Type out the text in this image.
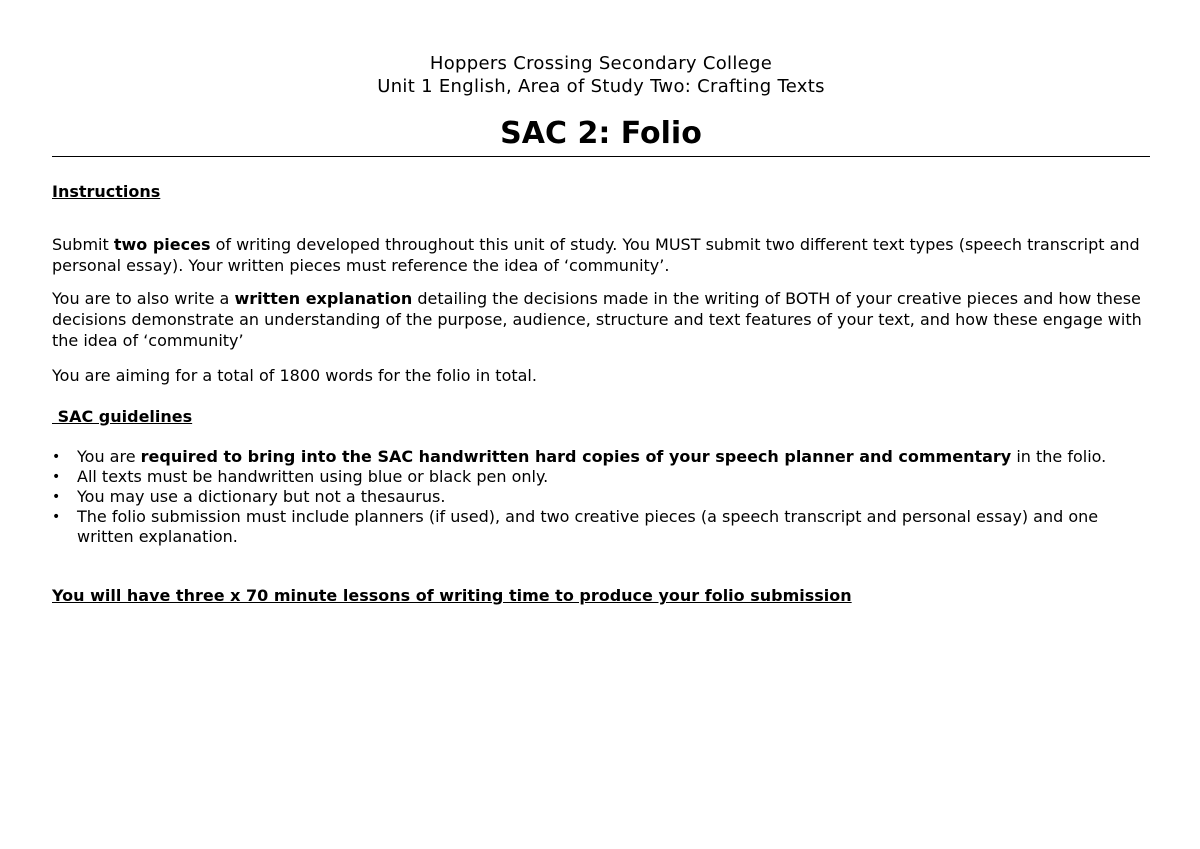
Hoppers Crossing Secondary College
Unit 1 English, Area of Study Two: Crafting Texts
SAC 2: Folio
Instructions
Submit two pieces of writing developed throughout this unit of study. You MUST submit two different text types (speech transcript and personal essay). Your written pieces must reference the idea of ‘community’.
You are to also write a written explanation detailing the decisions made in the writing of BOTH of your creative pieces and how these decisions demonstrate an understanding of the purpose, audience, structure and text features of your text, and how these engage with the idea of ‘community’
You are aiming for a total of 1800 words for the folio in total.
SAC guidelines
• You are required to bring into the SAC handwritten hard copies of your speech planner and commentary in the folio.
• All texts must be handwritten using blue or black pen only.
• You may use a dictionary but not a thesaurus.
• The folio submission must include planners (if used), and two creative pieces (a speech transcript and personal essay) and one written explanation.
You will have three x 70 minute lessons of writing time to produce your folio submission
